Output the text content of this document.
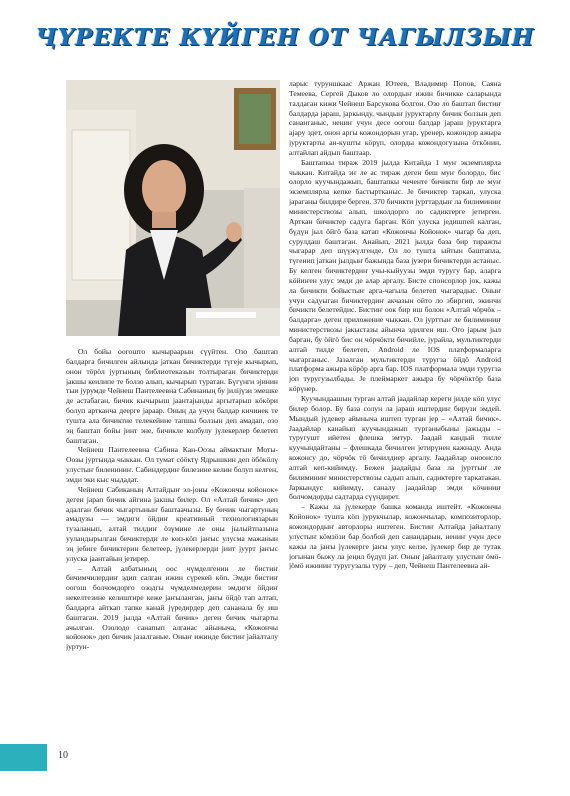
ҶҮРЕКТЕ КҮЙГЕН ОТ ЧАГЫЛЗЫН

Ол бойы оогошто кычыраарын сүүйтен. Озо баштап балдарга бичилген айлында јаткан бичиктерди түгеје кычырып, онон тöрöл јуртының библиотеказын толтыраган бичиктерди јакшы кеилипе те болзо алып, кычырып туратан. Бүгүнги эјинин тыи јурумде Чейнеш Пантелеевна Сабинаның бу јиліјүзи эмешке де астабаган, бичик кычырыш јаантајынды аргытарып кöкöри болуп артканча деерге јараар. Оның да учун балдар кичинек те тушта ала бичиктие телекейине тапшы болзын деп амадап, озо эң баштап бойы јинт эне, бичикле колбулу јүлекерлер белетеп баштаган.

Чейнеш Пантелеевна Сабина Кан-Оозы аймактыҥ Моты-Оозы јуртында чыккан. Ол тумат сööктү Ядрышкин деп öбöкöлү улустыҥ билениниҥ. Сабиндердиҥ билезине келин болуп келген, эмди эки кыс чыдадат.

Чейнеш Сабиканың Алтайдыҥ эл-јоны «Кожончы койонок» деген јарап бичик айгина јакшы билер. Ол «Алтай бичик» деп адалган бичик чыгартыныҥ баштаачызы. Бу бичик чыгартуның амадузы — эмдиги öйдиҥ креативный технологиязарын тузаланып, алтай тилдиҥ öзүмине ле оны јылыйтпазына ууландырылган бичиктерди ле көп-кöп јаҥыс улусма мажанын эң јебиге бичиктерин белетеер, јүлекерлерди јиит јуурт јаҥыс улуска јаантайын јетирер.

– Алтай албатының оос чүмделгенин ле бистиҥ бичимчилердиҥ эдип салган ижин сүрекей кöп. Эмди бистиҥ оогош болчомдорго озодгы чүмделмедерин эмдиги öйдиҥ некелтезине келиштире кеже јаҥыланган, јаҥы öйдö тап алтап, балдарга айткап тапке канай јүредирдер деп сананала бу иш баштаган. 2019 јылда «Алтай бичик» деген бичик чыгарты ачылган. Озолодо санапып алганас айыныча, «Кожончы койонок» деп бичик јазалганые. Оныҥ ижинде бистиҥ јайалталу јуртун-

ларыс туруншкаас Аржан Ютеев, Владимир Попов, Саяна Темеева, Сергей Дыков ло олордыҥ ижин бичикке саларында талдаган кижи Чейнеш Барсукова болгон. Озо ло баштап бистиҥ балдарда јараш, јаркынду, чындыҥ јуруктарлу бичик болзын деп сананганыс, нениҥ учун десе оогош балдар јараш јуруктарга ајару эдет, онон аргы кожондорын угар, үренер, кожондор ажыра јуруктарты ан-кушты кöрүп, олорды кожондогузына öткöнин, алтайлап айдып баштаар.

Баштапкы тираж 2019 јылда Китайда 1 муҥ экземплярла чыккан. Китайда эҥ ле ас тираж деген беш муҥ болордо, бис олорло куучындажып, баштапкы чеченте бичикти бир ле муҥ экземплярла кепке бастыртканыс. Је бичиктер таркап, улуска јараганы билдире берген. 370 бичикти јурттардыҥ ла билиминиҥ министерствозы алып, школдорго ло садиктерге јетирген. Арткан бичиктер садуга барган. Кöп улуска једишпей калган, бүдүн јыл öйгö база катап «Кожончы Койонок» чыгар ба деп, сурулдаш баштаган. Анайып, 2021 јылда база бир тиражты чыгарар деп шүүжүлгенде, Ол ло тушта ыйтын баштапла, түгенип јаткан јылдыҥ бажында база јузери бичиктерди астаныс. Бу келген бичиктердиҥ учы-кыйуузы эмди туругу бар, аларга кöйиҥен улус эмди де алар аргалу. Бисте спонсорлор јок, кажы ла бичикти бойыстыҥ арга-чагыла белетеп чыгарадыс. Оныҥ учун садуыган бичиктердиҥ акчазын ойто ло эбиргип, экинчи бичикти белетейдис. Бистиҥ оок бир иш болон «Алтай чöрчöк – балдарга» деген приложение чыккан. Ол јурттыҥ ле билиминиҥ министерствозы јакыстазы айынча эдилген иш. Ого јарым јыл барган, бу öйгö бис он чöрчöкти бичийле, јурайла, мультиктерди алтай тилде белетеп, Android ле IOS платформаларга чыгарганыс. Јазалган мультиктерди туругза öйдö Android платформа ажыра кöрöр арга бар. IOS платформала эмди туругза јоп туругузылбады. Је плеймаркет ажыра бу чöрчöктöр база кöрүнер.

Куучындаашын турган алтай јаадайлар кереги јилде кöп улус билер болор. Бу база солун ла јараш иштердиҥ бирүзи эмдей. Мындый јүдевер айыныча иштеп турган јер – «Алтай бичик». Јаадайлар канайып куучындажып турганыбыны јажыды – туругушт ийетен флешка эмтур. Јаадай кандый тилле куучындайтаны – флешкада бичилген јетирүнен кажнаду. Анда кожонсу до, чöрчöк тö бичилдиер аргалу. Јаадайлар оноонсло алтай кеп-кийимдү. Бежен јаадайды база ла јурттыҥ ле билиминиҥ министерствозы садып алып, садиктерге таркатакан. Јаркындус кийимдү, саналу јаадайлар эмди кöчиниҥ болчомдорды садтарда сүүндирет.

– Кажы ла јүлекерде башка команда иштейт. «Кожончы Койонок» тушта кöп јурукчылар, кожончылар, композиторлор, кожондордыҥ авторлоры иштеген. Бистиҥ Алтайда јайалталу улустыҥ кöмзöзи бар болбой деп санандарын, нениҥ учун десе кажы ла јаҥы јүлекерге јаҥы улус келзе, јүлекер бир де тутак јогынан быжу ла јеңил бүдүп јат. Оныҥ јайалталу улустыҥ öмö-јöмö ижиниҥ туругузалы туру – деп, Чейнеш Пантелеевна ай-

10
